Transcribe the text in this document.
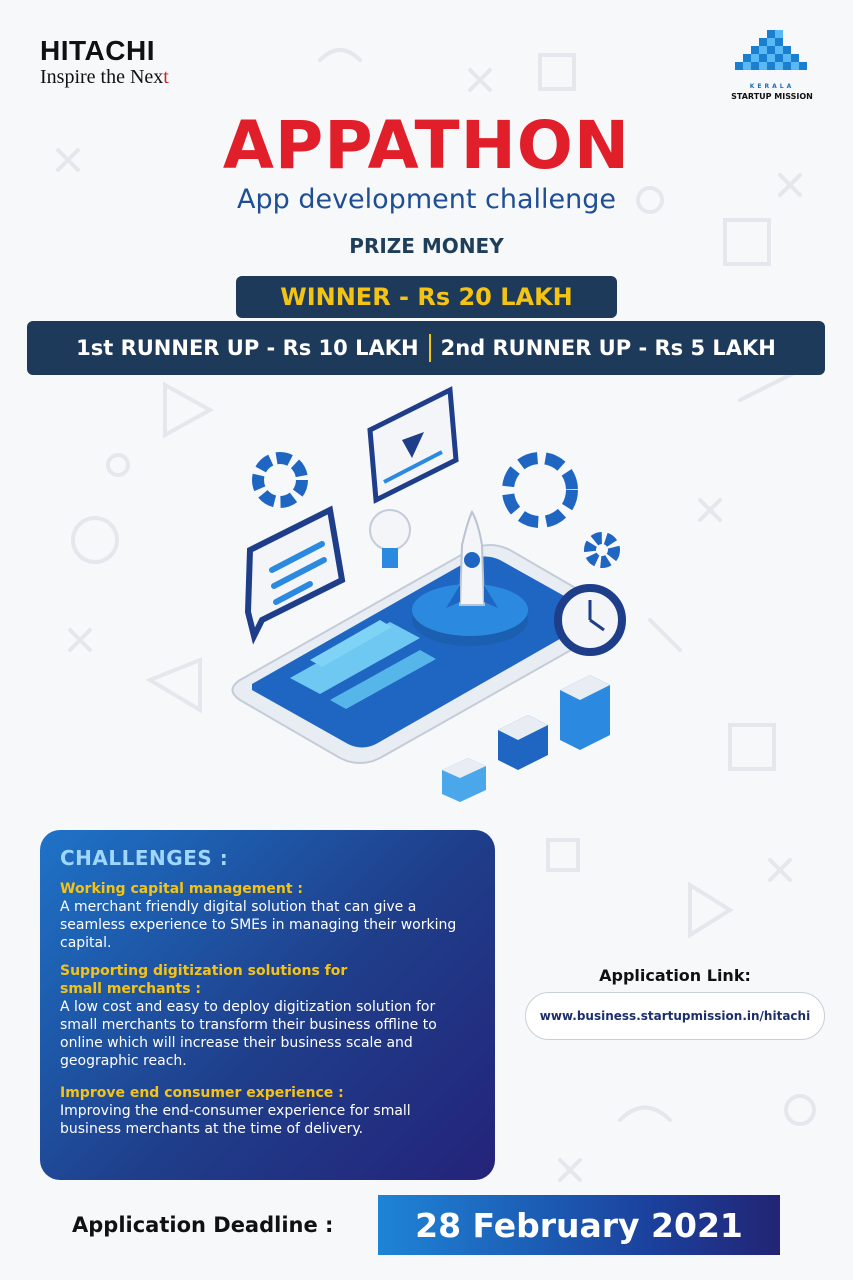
HITACHI
Inspire the Next	KERALA
STARTUP MISSION
APPATHON
App development challenge
PRIZE MONEY
WINNER - Rs 20 LAKH
1st RUNNER UP - Rs 10 LAKH 2nd RUNNER UP - Rs 5 LAKH
CHALLENGES :
Working capital management :
A merchant friendly digital solution that can give a seamless experience to SMEs in managing their working capital.
Supporting digitization solutions for small merchants :
A low cost and easy to deploy digitization solution for small merchants to transform their business offline to online which will increase their business scale and geographic reach.
Improve end consumer experience :
Improving the end-consumer experience for small business merchants at the time of delivery.
Application Link:
www.business.startupmission.in/hitachi
Application Deadline : 28 February 2021
